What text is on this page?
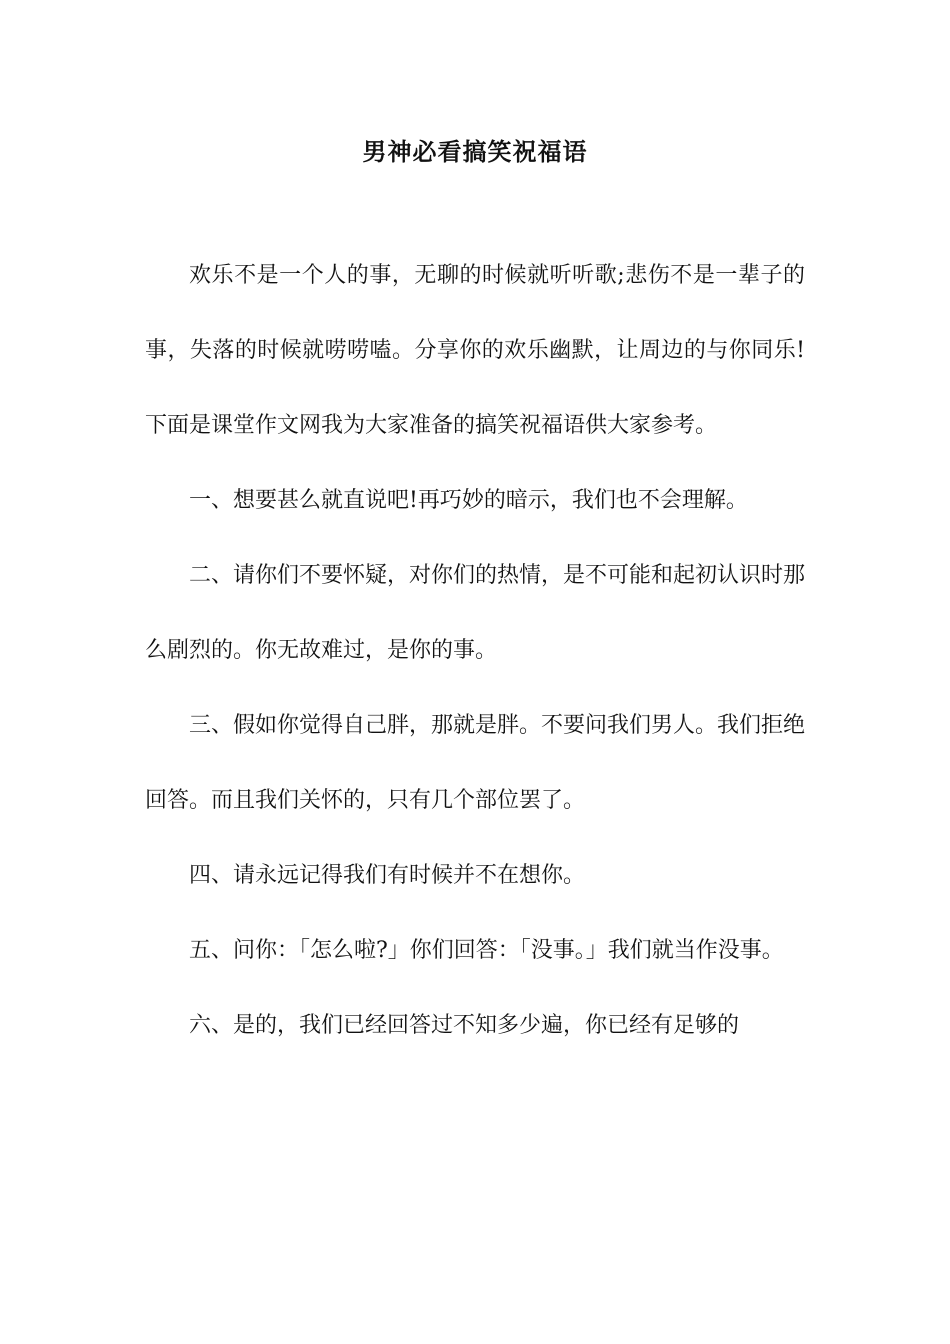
男神必看搞笑祝福语

欢乐不是一个人的事，无聊的时候就听听歌;悲伤不是一辈子的事，失落的时候就唠唠嗑。分享你的欢乐幽默，让周边的与你同乐!下面是课堂作文网我为大家准备的搞笑祝福语供大家参考。

一、想要甚么就直说吧!再巧妙的暗示，我们也不会理解。

二、请你们不要怀疑，对你们的热情，是不可能和起初认识时那么剧烈的。你无故难过，是你的事。

三、假如你觉得自己胖，那就是胖。不要问我们男人。我们拒绝回答。而且我们关怀的，只有几个部位罢了。

四、请永远记得我们有时候并不在想你。

五、问你：「怎么啦?」你们回答：「没事。」我们就当作没事。

六、是的，我们已经回答过不知多少遍，你已经有足够的
